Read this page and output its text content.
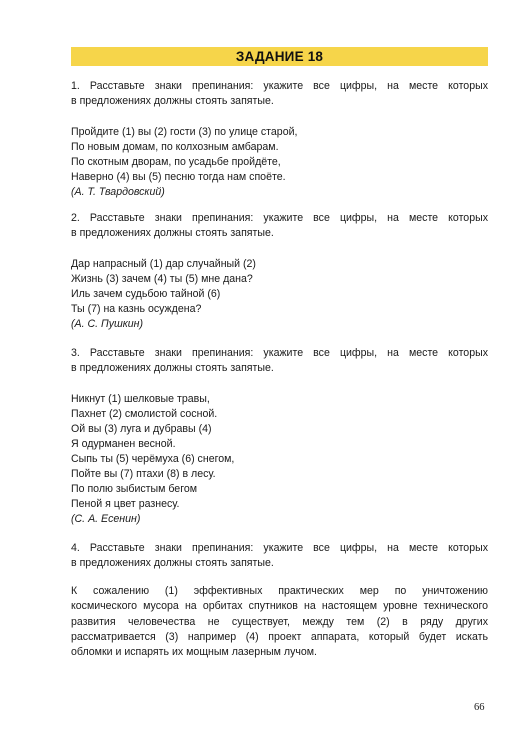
ЗАДАНИЕ 18
1. Расставьте знаки препинания: укажите все цифры, на месте которых
в предложениях должны стоять запятые.
Пройдите (1) вы (2) гости (3) по улице старой,
По новым домам, по колхозным амбарам.
По скотным дворам, по усадьбе пройдёте,
Наверно (4) вы (5) песню тогда нам споёте.
(А. Т. Твардовский)
2. Расставьте знаки препинания: укажите все цифры, на месте которых
в предложениях должны стоять запятые.
Дар напрасный (1) дар случайный (2)
Жизнь (3) зачем (4) ты (5) мне дана?
Иль зачем судьбою тайной (6)
Ты (7) на казнь осуждена?
(А. С. Пушкин)
3. Расставьте знаки препинания: укажите все цифры, на месте которых
в предложениях должны стоять запятые.
Никнут (1) шелковые травы,
Пахнет (2) смолистой сосной.
Ой вы (3) луга и дубравы (4)
Я одурманен весной.
Сыпь ты (5) черёмуха (6) снегом,
Пойте вы (7) птахи (8) в лесу.
По полю зыбистым бегом
Пеной я цвет разнесу.
(С. А. Есенин)
4. Расставьте знаки препинания: укажите все цифры, на месте которых
в предложениях должны стоять запятые.
К сожалению (1) эффективных практических мер по уничтожению
космического мусора на орбитах спутников на настоящем уровне технического
развития человечества не существует, между тем (2) в ряду других
рассматривается (3) например (4) проект аппарата, который будет искать
обломки и испарять их мощным лазерным лучом.
66
